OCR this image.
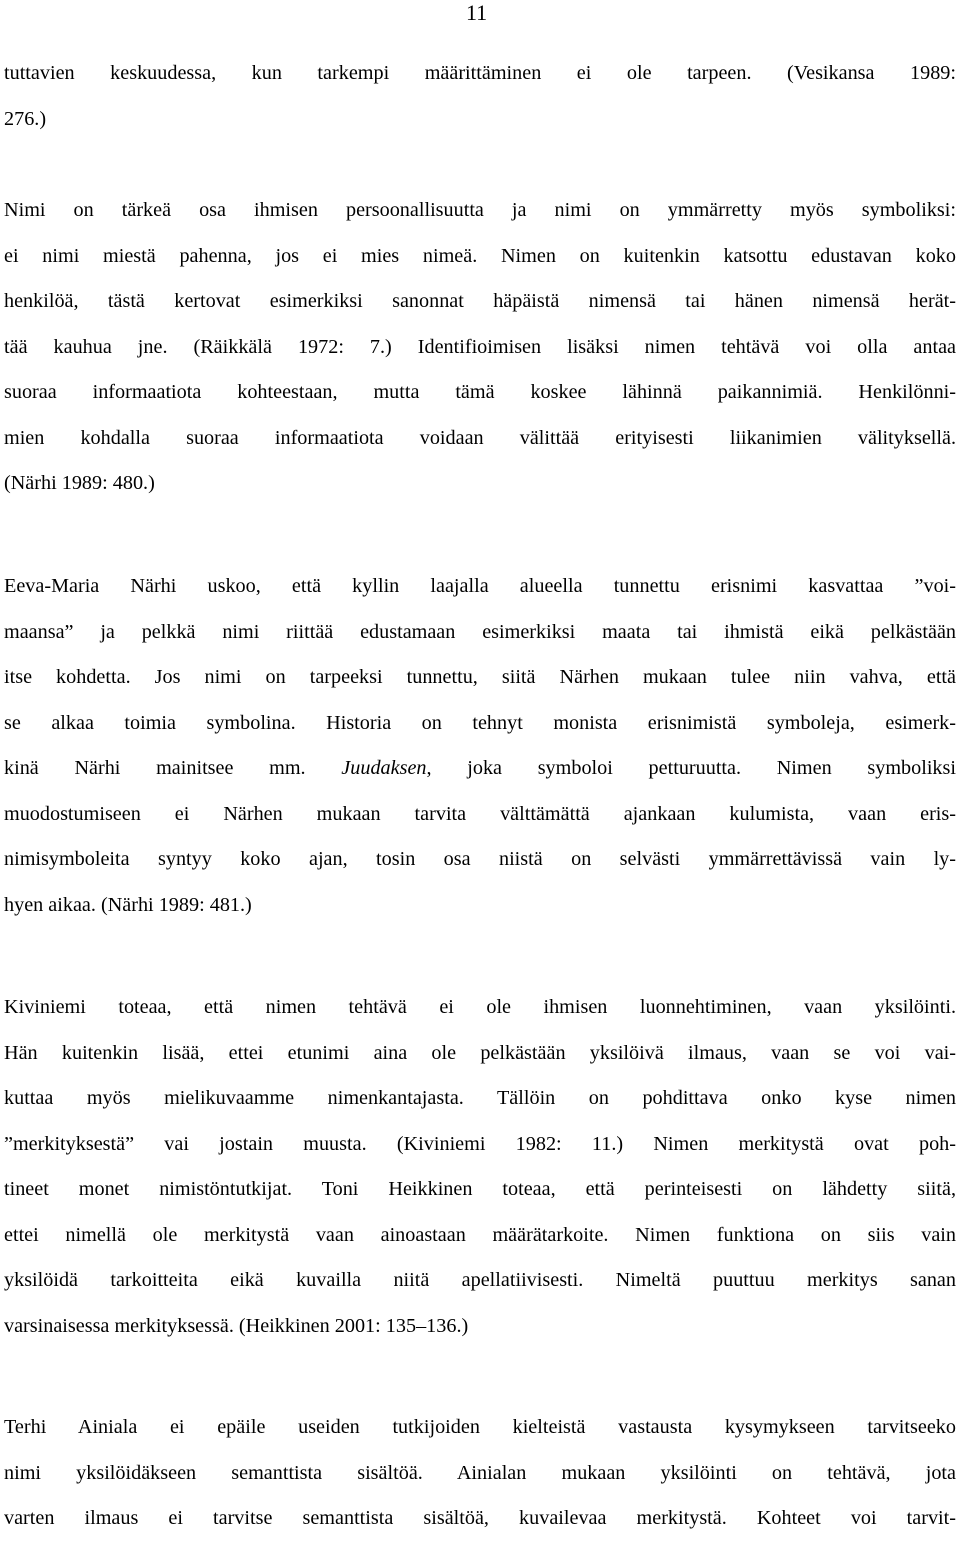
11
tuttavien keskuudessa, kun tarkempi määrittäminen ei ole tarpeen. (Vesikansa 1989:
276.)
Nimi on tärkeä osa ihmisen persoonallisuutta ja nimi on ymmärretty myös symboliksi:
ei nimi miestä pahenna, jos ei mies nimeä. Nimen on kuitenkin katsottu edustavan koko
henkilöä, tästä kertovat esimerkiksi sanonnat häpäistä nimensä tai hänen nimensä herät-
tää kauhua jne. (Räikkälä 1972: 7.) Identifioimisen lisäksi nimen tehtävä voi olla antaa
suoraa informaatiota kohteestaan, mutta tämä koskee lähinnä paikannimiä. Henkilönni-
mien kohdalla suoraa informaatiota voidaan välittää erityisesti liikanimien välityksellä.
(Närhi 1989: 480.)
Eeva-Maria Närhi uskoo, että kyllin laajalla alueella tunnettu erisnimi kasvattaa ”voi-
maansa” ja pelkkä nimi riittää edustamaan esimerkiksi maata tai ihmistä eikä pelkästään
itse kohdetta. Jos nimi on tarpeeksi tunnettu, siitä Närhen mukaan tulee niin vahva, että
se alkaa toimia symbolina. Historia on tehnyt monista erisnimistä symboleja, esimerk-
kinä Närhi mainitsee mm. Juudaksen, joka symboloi petturuutta. Nimen symboliksi
muodostumiseen ei Närhen mukaan tarvita välttämättä ajankaan kulumista, vaan eris-
nimisymboleita syntyy koko ajan, tosin osa niistä on selvästi ymmärrettävissä vain ly-
hyen aikaa. (Närhi 1989: 481.)
Kiviniemi toteaa, että nimen tehtävä ei ole ihmisen luonnehtiminen, vaan yksilöinti.
Hän kuitenkin lisää, ettei etunimi aina ole pelkästään yksilöivä ilmaus, vaan se voi vai-
kuttaa myös mielikuvaamme nimenkantajasta. Tällöin on pohdittava onko kyse nimen
”merkityksestä” vai jostain muusta. (Kiviniemi 1982: 11.) Nimen merkitystä ovat poh-
tineet monet nimistöntutkijat. Toni Heikkinen toteaa, että perinteisesti on lähdetty siitä,
ettei nimellä ole merkitystä vaan ainoastaan määrätarkoite. Nimen funktiona on siis vain
yksilöidä tarkoitteita eikä kuvailla niitä apellatiivisesti. Nimeltä puuttuu merkitys sanan
varsinaisessa merkityksessä. (Heikkinen 2001: 135–136.)
Terhi Ainiala ei epäile useiden tutkijoiden kielteistä vastausta kysymykseen tarvitseeko
nimi yksilöidäkseen semanttista sisältöä. Ainialan mukaan yksilöinti on tehtävä, jota
varten ilmaus ei tarvitse semanttista sisältöä, kuvailevaa merkitystä. Kohteet voi tarvit-
